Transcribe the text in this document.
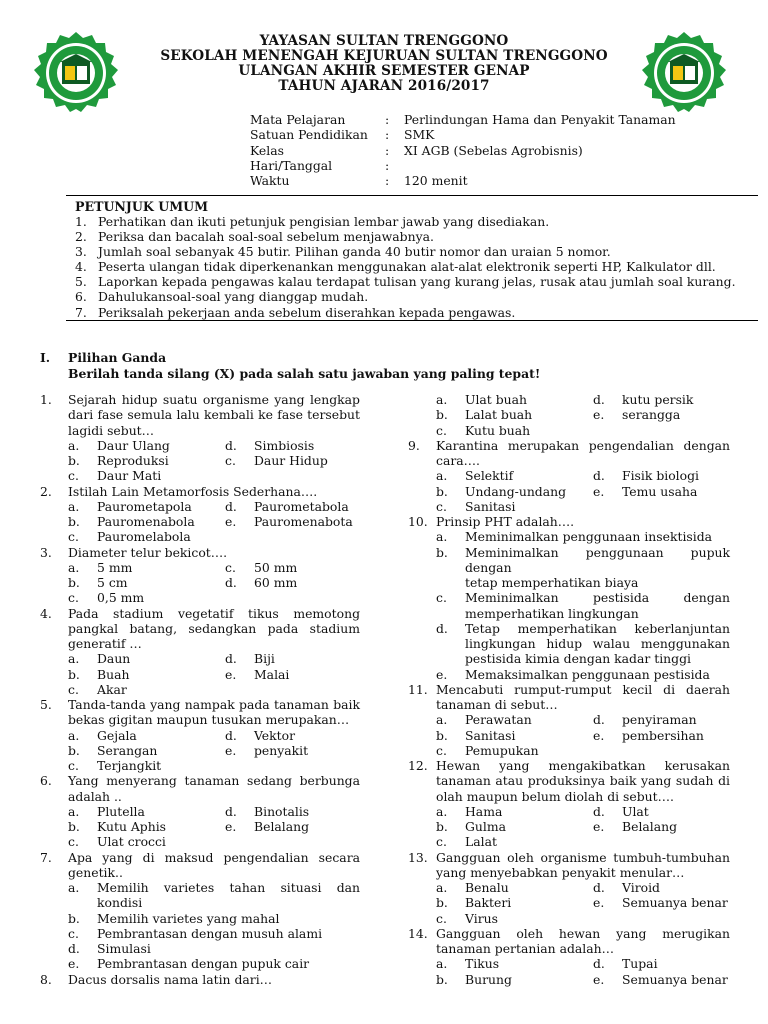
YAYASAN SULTAN TRENGGONO
SEKOLAH MENENGAH KEJURUAN SULTAN TRENGGONO
ULANGAN AKHIR SEMESTER GENAP
TAHUN AJARAN 2016/2017
Mata Pelajaran	:	Perlindungan Hama dan Penyakit Tanaman
Satuan Pendidikan	:	SMK
Kelas	:	XI AGB (Sebelas Agrobisnis)
Hari/Tanggal	:
Waktu	:	120 menit
PETUNJUK UMUM
1. Perhatikan dan ikuti petunjuk pengisian lembar jawab yang disediakan.
2. Periksa dan bacalah soal-soal sebelum menjawabnya.
3. Jumlah soal sebanyak 45 butir. Pilihan ganda 40 butir nomor dan uraian 5 nomor.
4. Peserta ulangan tidak diperkenankan menggunakan alat-alat elektronik seperti HP, Kalkulator dll.
5. Laporkan kepada pengawas kalau terdapat tulisan yang kurang jelas, rusak atau jumlah soal kurang.
6. Dahulukansoal-soal yang dianggap mudah.
7. Periksalah pekerjaan anda sebelum diserahkan kepada pengawas.
I.	Pilihan Ganda
Berilah tanda silang (X) pada salah satu jawaban yang paling tepat!
1.	Sejarah hidup suatu organisme yang lengkap
dari fase semula lalu kembali ke fase tersebut
lagidi sebut…
a.	Daur Ulang	d.	Simbiosis
b.	Reproduksi	c.	Daur Hidup
c.	Daur Mati
2.	Istilah Lain Metamorfosis Sederhana….
a.	Paurometapola	d.	Paurometabola
b.	Pauromenabola e.	Pauromenabota
c.	Pauromelabola
3.	Diameter telur bekicot….
a.	5 mm	c.	50 mm
b.	5 cm	d.	60 mm
c.	0,5 mm
4.	Pada stadium vegetatif tikus memotong
pangkal batang, sedangkan pada stadium
generatif …
a.	Daun	d.	Biji
b.	Buah	e.	Malai
c.	Akar
5.	Tanda-tanda yang nampak pada tanaman baik
bekas gigitan maupun tusukan merupakan…
a.	Gejala	d.	Vektor
b.	Serangan	e.	penyakit
c.	Terjangkit
6.	Yang menyerang tanaman sedang berbunga
adalah ..
a.	Plutella	d.	Binotalis
b.	Kutu Aphis	e.	Belalang
c.	Ulat crocci
7.	Apa yang di maksud pengendalian secara
genetik..
a.	Memilih varietes tahan situasi dan kondisi
b.	Memilih varietes yang mahal
c.	Pembrantasan dengan musuh alami
d.	Simulasi
e.	Pembrantasan dengan pupuk cair
8.	Dacus dorsalis nama latin dari…
a.	Ulat buah	d.	kutu persik
b.	Lalat buah	e.	serangga
c.	Kutu buah
9.	Karantina merupakan pengendalian dengan
cara….
a.	Selektif	d.	Fisik biologi
b.	Undang-undang e.	Temu usaha
c.	Sanitasi
10. Prinsip PHT adalah….
a.	Meminimalkan penggunaan insektisida
b.	Meminimalkan penggunaan pupuk dengan
tetap memperhatikan biaya
c.	Meminimalkan pestisida dengan
memperhatikan lingkungan
d.	Tetap memperhatikan keberlanjuntan
lingkungan hidup walau menggunakan
pestisida kimia dengan kadar tinggi
e.	Memaksimalkan penggunaan pestisida
11. Mencabuti rumput-rumput kecil di daerah
tanaman di sebut…
a.	Perawatan	d.	penyiraman
b.	Sanitasi	e.	pembersihan
c.	Pemupukan
12. Hewan yang mengakibatkan kerusakan
tanaman atau produksinya baik yang sudah di
olah maupun belum diolah di sebut….
a.	Hama	d.	Ulat
b.	Gulma	e.	Belalang
c.	Lalat
13. Gangguan oleh organisme tumbuh-tumbuhan
yang menyebabkan penyakit menular…
a.	Benalu	d.	Viroid
b.	Bakteri	e.	Semuanya benar
c.	Virus
14. Gangguan oleh hewan yang merugikan
tanaman pertanian adalah…
a.	Tikus	d.	Tupai
b.	Burung	e.	Semuanya benar
